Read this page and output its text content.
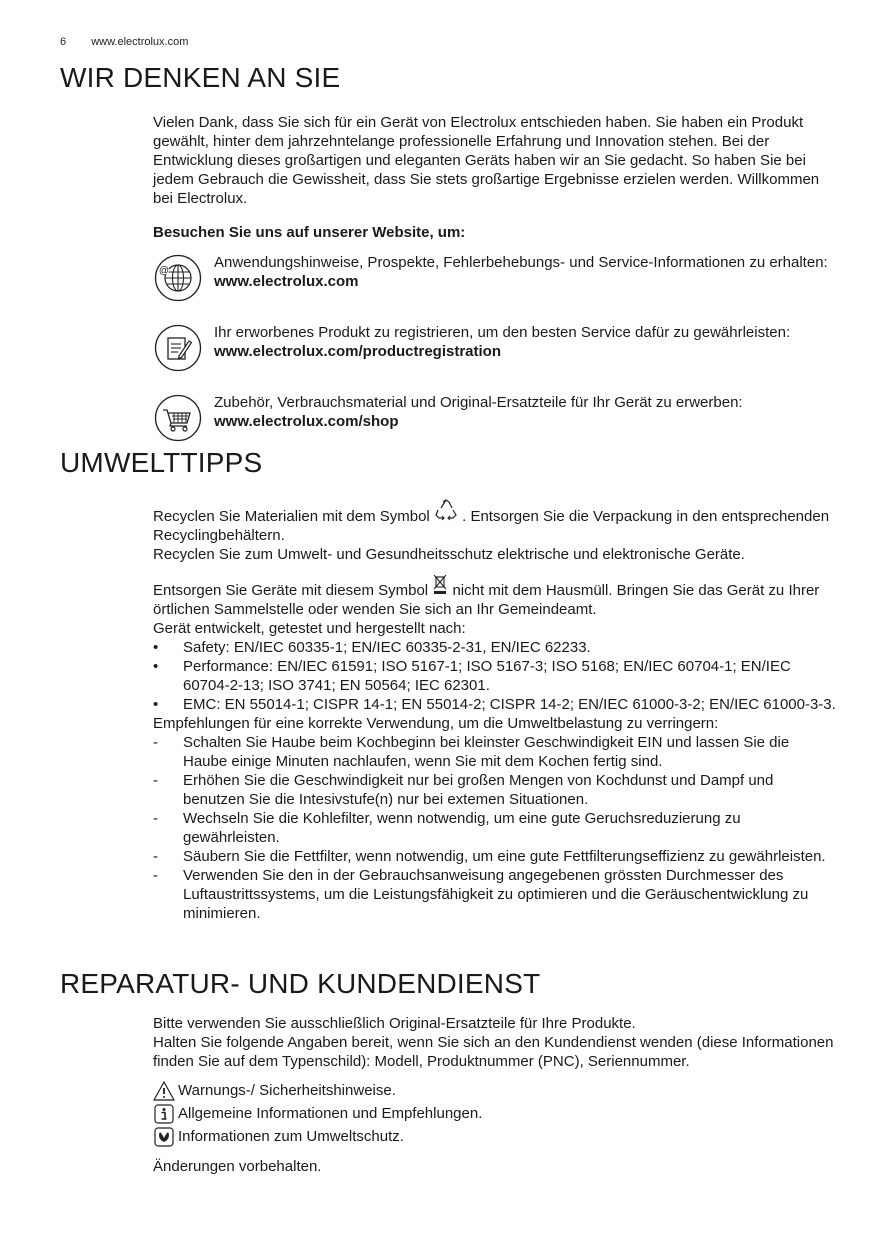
6 www.electrolux.com
WIR DENKEN AN SIE

Vielen Dank, dass Sie sich für ein Gerät von Electrolux entschieden haben. Sie haben ein Produkt gewählt, hinter dem jahrzehntelange professionelle Erfahrung und Innovation stehen. Bei der Entwicklung dieses großartigen und eleganten Geräts haben wir an Sie gedacht. So haben Sie bei jedem Gebrauch die Gewissheit, dass Sie stets großartige Ergebnisse erzielen werden. Willkommen bei Electrolux.

Besuchen Sie uns auf unserer Website, um:
@	Anwendungshinweise, Prospekte, Fehlerbehebungs- und Service-Informationen zu erhalten:
www.electrolux.com
Ihr erworbenes Produkt zu registrieren, um den besten Service dafür zu gewährleisten:
www.electrolux.com/productregistration
Zubehör, Verbrauchsmaterial und Original-Ersatzteile für Ihr Gerät zu erwerben:
www.electrolux.com/shop
UMWELTTIPPS

Recyclen Sie Materialien mit dem Symbol . Entsorgen Sie die Verpackung in den entsprechenden Recyclingbehältern.

Recyclen Sie zum Umwelt- und Gesundheitsschutz elektrische und elektronische Geräte.

Entsorgen Sie Geräte mit diesem Symbol nicht mit dem Hausmüll. Bringen Sie das Gerät zu Ihrer örtlichen Sammelstelle oder wenden Sie sich an Ihr Gemeindeamt.

Gerät entwickelt, getestet und hergestellt nach:

• Safety: EN/IEC 60335-1; EN/IEC 60335-2-31, EN/IEC 62233.
• Performance: EN/IEC 61591; ISO 5167-1; ISO 5167-3; ISO 5168; EN/IEC 60704-1; EN/IEC 60704-2-13; ISO 3741; EN 50564; IEC 62301.
• EMC: EN 55014-1; CISPR 14-1; EN 55014-2; CISPR 14-2; EN/IEC 61000-3-2; EN/IEC 61000-3-3.

Empfehlungen für eine korrekte Verwendung, um die Umweltbelastung zu verringern:

- Schalten Sie Haube beim Kochbeginn bei kleinster Geschwindigkeit EIN und lassen Sie die Haube einige Minuten nachlaufen, wenn Sie mit dem Kochen fertig sind.
- Erhöhen Sie die Geschwindigkeit nur bei großen Mengen von Kochdunst und Dampf und benutzen Sie die Intesivstufe(n) nur bei extemen Situationen.
- Wechseln Sie die Kohlefilter, wenn notwendig, um eine gute Geruchsreduzierung zu gewährleisten.
- Säubern Sie die Fettfilter, wenn notwendig, um eine gute Fettfilterungseffizienz zu gewährleisten.
- Verwenden Sie den in der Gebrauchsanweisung angegebenen grössten Durchmesser des Luftaustrittssystems, um die Leistungsfähigkeit zu optimieren und die Geräuschentwicklung zu minimieren.
REPARATUR- UND KUNDENDIENST

Bitte verwenden Sie ausschließlich Original-Ersatzteile für Ihre Produkte.

Halten Sie folgende Angaben bereit, wenn Sie sich an den Kundendienst wenden (diese Informationen finden Sie auf dem Typenschild): Modell, Produktnummer (PNC), Seriennummer.

Warnungs-/ Sicherheitshinweise.
Allgemeine Informationen und Empfehlungen.
Informationen zum Umweltschutz.

Änderungen vorbehalten.
